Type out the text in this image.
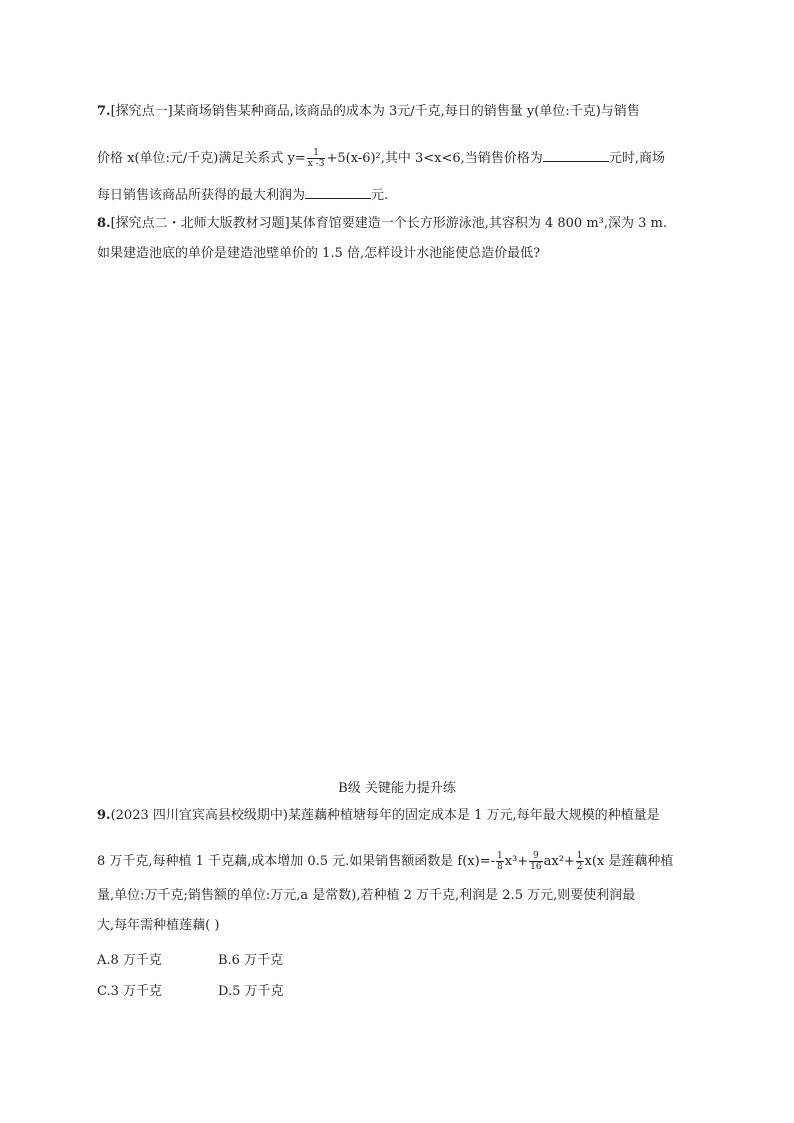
7.[探究点一]某商场销售某种商品,该商品的成本为 3元/千克,每日的销售量 y(单位:千克)与销售
价格 x(单位:元/千克)满足关系式 $y= \frac{1}{x -3} +5(x-6)^2$,其中 3<x<6,当销售价格为	元时,商场
每日销售该商品所获得的最大利润为	元.
8.[探究点二・北师大版教材习题]某体育馆要建造一个长方形游泳池,其容积为 4 800 m³,深为 3 m.
如果建造池底的单价是建造池壁单价的 1.5 倍,怎样设计水池能使总造价最低?
B级 关键能力提升练
9.(2023 四川宜宾高县校级期中)某莲藕种植塘每年的固定成本是 1 万元,每年最大规模的种植量是
8 万千克,每种植 1 千克藕,成本增加 0.5 元.如果销售额函数是 $f(x)=- \frac{1}{8} x^3+ \frac{9}{16} ax^2+ \frac{1}{2} x(x$ 是莲藕种植
量,单位:万千克;销售额的单位:万元,a 是常数),若种植 2 万千克,利润是 2.5 万元,则要使利润最
大,每年需种植莲藕( )
A.8 万千克	B.6 万千克
C.3 万千克	D.5 万千克
